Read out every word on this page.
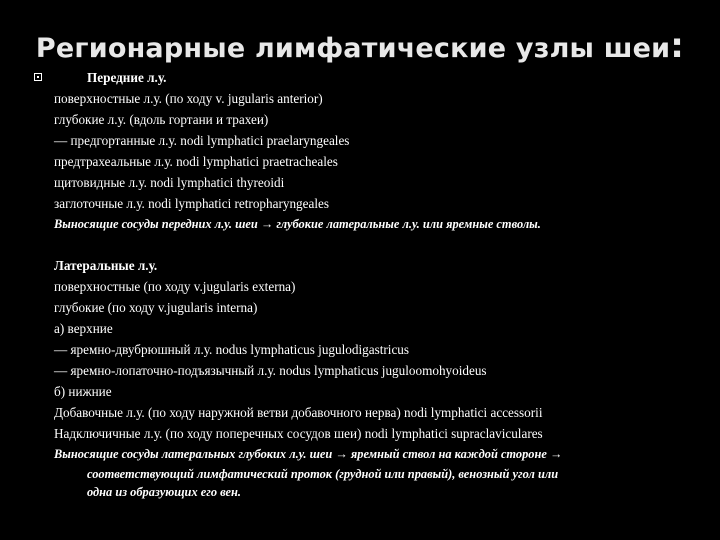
Регионарные лимфатические узлы шеи:
Передние л.у.
поверхностные л.у. (по ходу v. jugularis anterior)
глубокие л.у. (вдоль гортани и трахеи)
— предгортанные л.у. nodi lymphatici praelaryngeales
предтрахеальные л.у. nodi lymphatici praetracheales
щитовидные л.у. nodi lymphatici thyreoidi
заглоточные л.у. nodi lymphatici retropharyngeales
Выносящие сосуды передних л.у. шеи → глубокие латеральные л.у. или яремные стволы.
Латеральные л.у.
поверхностные (по ходу v.jugularis externa)
глубокие (по ходу v.jugularis interna)
а) верхние
— яремно-двубрюшный л.у. nodus lymphaticus jugulodigastricus
— яремно-лопаточно-подъязычный л.у. nodus lymphaticus juguloomohyoideus
б) нижние
Добавочные л.у. (по ходу наружной ветви добавочного нерва) nodi lymphatici accessorii
Надключичные л.у. (по ходу поперечных сосудов шеи) nodi lymphatici supraclaviculares
Выносящие сосуды латеральных глубоких л.у. шеи → яремный ствол на каждой стороне →
соответствующий лимфатический проток (грудной или правый), венозный угол или
одна из образующих его вен.
